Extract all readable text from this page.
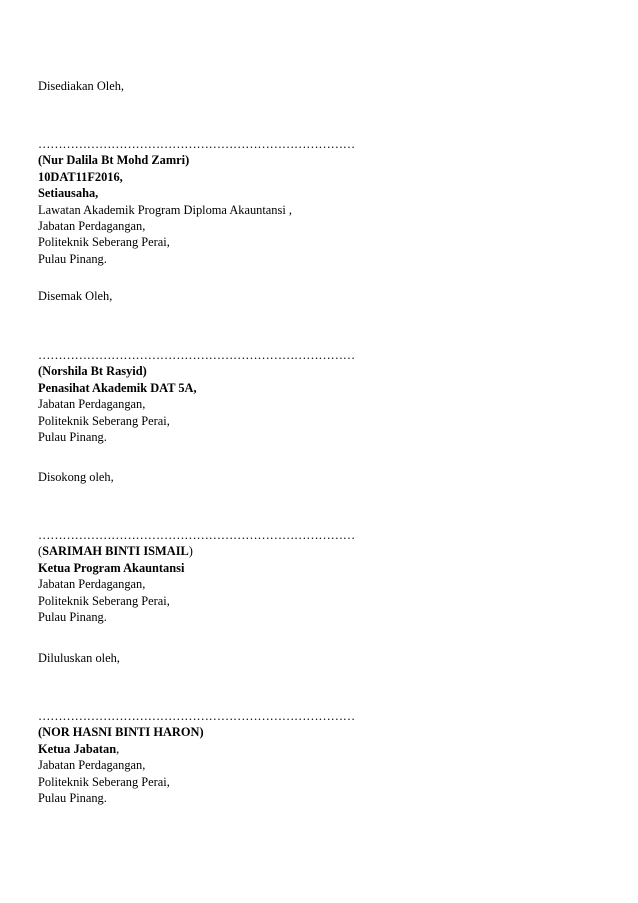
Disediakan Oleh,
……………………………………………………………………
(Nur Dalila Bt Mohd Zamri)
10DAT11F2016,
Setiausaha,
Lawatan Akademik Program Diploma Akauntansi ,
Jabatan Perdagangan,
Politeknik Seberang Perai,
Pulau Pinang.
Disemak Oleh,
……………………………………………………………………
(Norshila Bt Rasyid)
Penasihat Akademik DAT 5A,
Jabatan Perdagangan,
Politeknik Seberang Perai,
Pulau Pinang.
Disokong oleh,
……………………………………………………………………
(SARIMAH BINTI ISMAIL)
Ketua Program Akauntansi
Jabatan Perdagangan,
Politeknik Seberang Perai,
Pulau Pinang.
Diluluskan oleh,
……………………………………………………………………
(NOR HASNI BINTI HARON)
Ketua Jabatan,
Jabatan Perdagangan,
Politeknik Seberang Perai,
Pulau Pinang.
